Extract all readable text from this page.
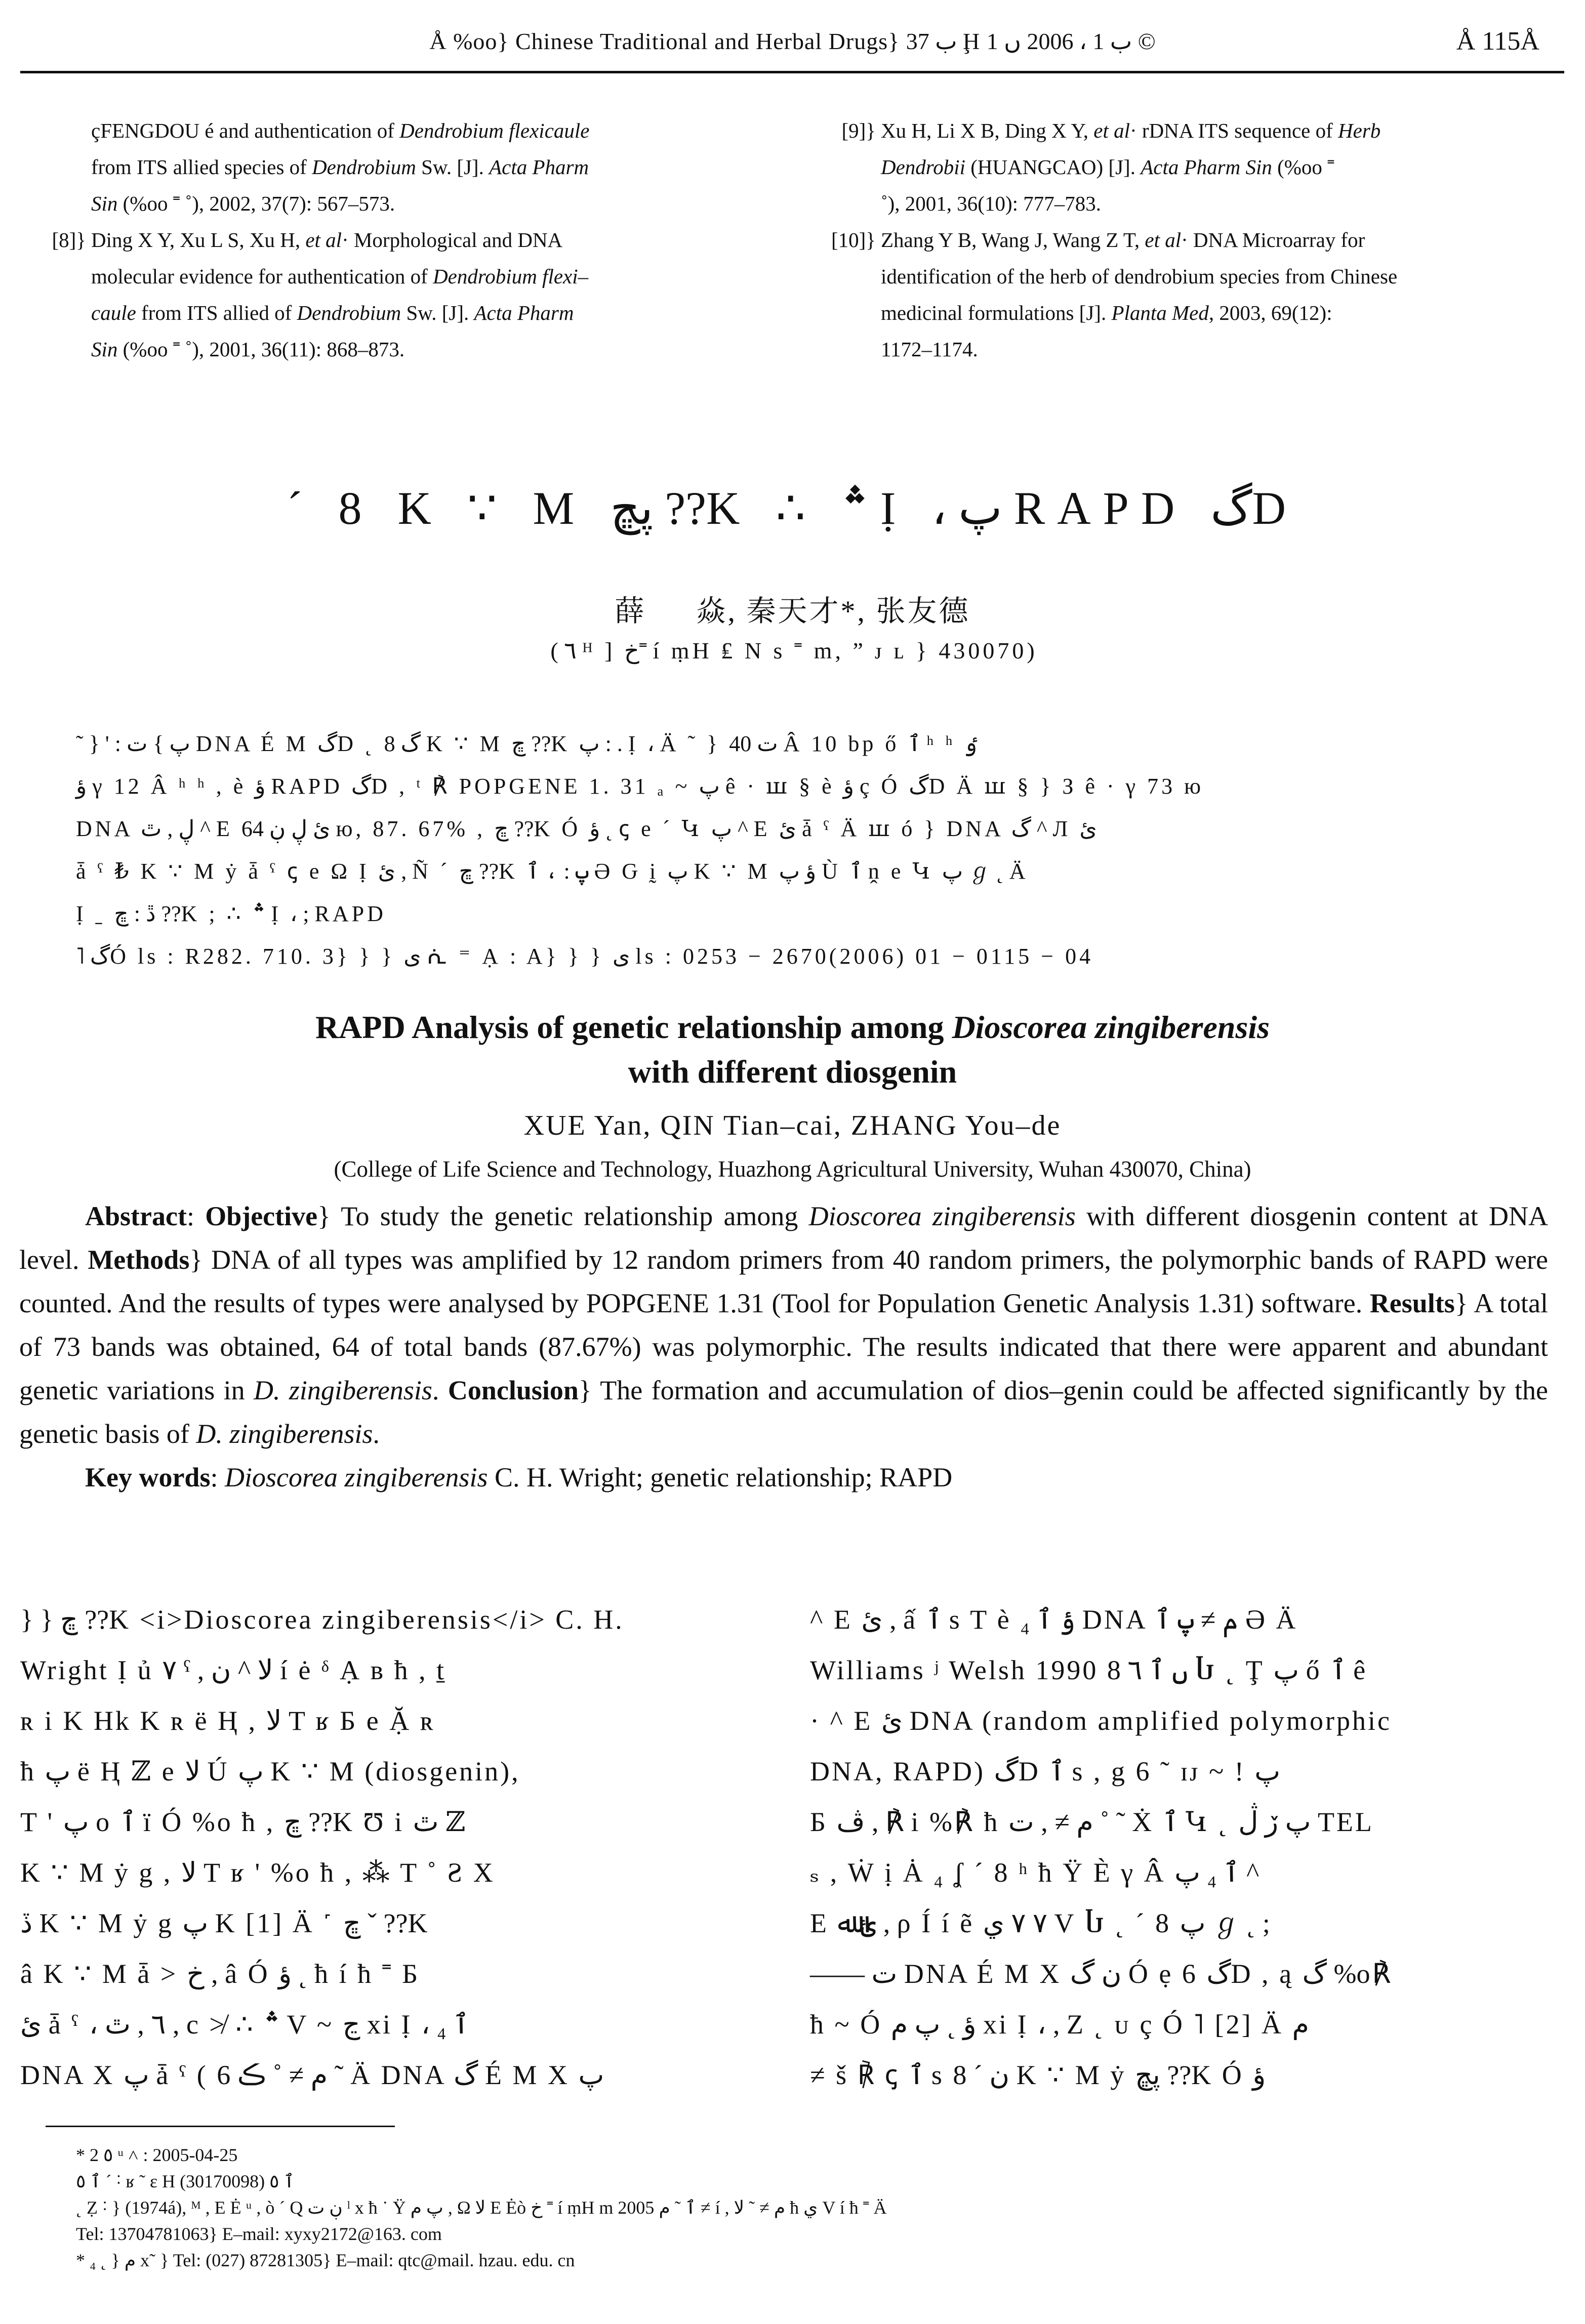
Å %oo} Chinese Traditional and Herbal Drugs} ب 37 Ḩ ب 1 ، 2006 ں 1 ©	Å 115Å

çFENGDOU é and authentication of Dendrobium flexicaule

from ITS allied species of Dendrobium Sw. [J]. Acta Pharm

Sin (%oo ˭ ˚), 2002, 37(7): 567–573.

[8]} Ding X Y, Xu L S, Xu H, et al· Morphological and DNA

molecular evidence for authentication of Dendrobium flexi–

caule from ITS allied of Dendrobium Sw. [J]. Acta Pharm

Sin (%oo ˭ ˚), 2001, 36(11): 868–873.

[9]} Xu H, Li X B, Ding X Y, et al· rDNA ITS sequence of Herb

Dendrobii (HUANGCAO) [J]. Acta Pharm Sin (%oo ˭

˚), 2001, 36(10): 777–783.

[10]} Zhang Y B, Wang J, Wang Z T, et al· DNA Microarray for

identification of the herb of dendrobium species from Chinese

medicinal formulations [J]. Planta Med, 2003, 69(12):

1172–1174.

´ 8 K ∵ M پڇ ??K ∴ ؞ Ị ، پ RAPD گD
薛 　 焱, 秦天才*, 张友德
( ٦ ᴴ ] خ˭ í ṃΗ ₤ Ν s ˭ m, ” ᴊ ʟ } 430070)

˜ } ' : پ } ت DNA É M گD ˛ گ 8 K ∵ M ڇ ??K پ : . Ị ، Ä ˜ } ت 40 Â 10 bp ő ٱ ʰ ʰ ٶ

ؤ γ 12 Â ʰ ʰ , è ؤ RAPD گD , ᵗ ℟ POPGENE 1. 31 ₐ ~ پ ê · ꟺ § è ؤ ç Ó گD Ä ꟺ § } З ê · γ 73 ю

DNA ڸ , ٿ ^ E ئ ڸ ڹ 64 ю, 87. 67% , ڇ ??K Ó ؤ ˛ ꞔ e ´ Կ پ ^ E ئ ǡ ˤ Ä ꟺ ó } DNA گ ^ Л ئ

ǡ ˤ ₺ K ∵ M ẏ ǡ ˤ ꞔ e Ω Ị ئ , Ñ ´ ڇ ??K پ : ، ٱ Ә Ԍ ḭ پ K ∵ M ؤ پ Ù ٱ ṋ e Կ پ ℊ ˛ Ä

Ị ˍ ڐ : ڇ ??K ; ∴ ؞ Ị ، ; RAPD

˥ گÓ ls : R282. 710. 3} } } ى ᕇ ⁼ Ạ : A} } } ى ls : 0253 − 2670(2006) 01 − 0115 − 04

RAPD Analysis of genetic relationship among Dioscorea zingiberensis
with different diosgenin
XUE Yan, QIN Tian–cai, ZHANG You–de
(College of Life Science and Technology, Huazhong Agricultural University, Wuhan 430070, China)

Abstract: Objective} To study the genetic relationship among Dioscorea zingiberensis with different diosgenin content at DNA level. Methods} DNA of all types was amplified by 12 random primers from 40 random primers, the polymorphic bands of RAPD were counted. And the results of types were analysed by POPGENE 1.31 (Tool for Population Genetic Analysis 1.31) software. Results} A total of 73 bands was obtained, 64 of total bands (87.67%) was polymorphic. The results indicated that there were apparent and abundant genetic variations in D. zingiberensis. Conclusion} The formation and accumulation of dios–genin could be affected significantly by the genetic basis of D. zingiberensis.

Key words: Dioscorea zingiberensis C. H. Wright; genetic relationship; RAPD

} } ڇ ??K <i>Dioscorea zingiberensis</i> C. H.

Wright Ị ủ ٧ ˁ , ﻻ ^ ن í ė ᵟ Ạ ʙ ħ , ṯ

ʀ i K Hk K ʀ ë Ⱨ , ﻻ T ʁ Б e Ặ ʀ

ħ پ ë Ⱨ ℤ e ﻻ Ú پ K ∵ M (diosgenin),

T ' پ ο ٱ ï Ó %o ħ , ڇ ??K Ʊ i ٿ ℤ

K ∵ M ẏ g , ﻻ T ʁ ' %o ħ , ⁂ T ˚ Ƨ Χ

ڏ K ∵ M ẏ g پ K [1] Ä ˹ ڇ ˇ ??K

â K ∵ M ǡ > خ , â Ó ؤ ˛ ħ í ħ ˭ Б

ئ ǡ ˤ ، ٦ , ٿ , c ≯ ∴ ؞ V ~ ڃ xi Ị ، ٱ ₄

DNA Χ پ ǡ ˤ ( م ≠ ˚ ڪ 6 ˜ Ä DNA گ É M Χ پ

^ E ئ , ấ ٱ s T è ؤ ٱ ₄ DNA م ≠ پ ٱ Ә Ä

Williams ʲ Welsh 1990 ں ٱ ٦ 8 Ⴑ ˛ Ţ پ ő ٱ ê

· ^ E ئ DNA (random amplified polymorphic

DNA, RAPD) گD ٱ s , g 6 ˜ ɪᴊ ~ ! پ

Б ڤ , ℟ i %℟ ħ م ≠ , ت ˚ ˜ Ẋ ٱ Կ ˛ پ ڒ ڷ TEL

ₛ , Ẇ ị Ȧ ₄ ʆ ´ 8 ʰ ħ Ÿ È γ Â ٱ ₄ پ ^

E ئ ﷲ , ρ Í í ẽ ٧ ٧ ي V Ⴑ ˛ ´ 8 پ ℊ ˛ ;

—— ت DNA É M Χ ن گ Ó ẹ 6 گD , ą گ %o℟

ħ ~ Ó ؤ ˛ پ م xi Ị ، , Ζ ˛ ᴜ ç Ó ˥ [2] Ä م

≠ š ℟ ꞔ ٱ s ن ´ 8 K ∵ M ẏ پڇ ??K Ó ؤ

* 2 ٥ ᵘ ˄ : 2005-04-25

ٱ ٥ ´ ˸ ʁ ˜ ɛ H ٱ ٥ (30170098)

˛ Ẓ ˸ } (1974á), ᴹ , E Ė ᵘ , ò ´ Q ڹ ت ˡ x ħ ˙ Ÿ پ م , Ω ﻻ E Ėò خ ˭ í ṃH m 2005 ٱ ˜ م ≠ í , م ≠ ˜ ﻻ ħ ي V í ħ ˭ Ä

Tel: 13704781063} E–mail: xyxy2172@163. com

* ₄ ˛ } م x˜ } Tel: (027) 87281305} E–mail: qtc@mail. hzau. edu. cn
